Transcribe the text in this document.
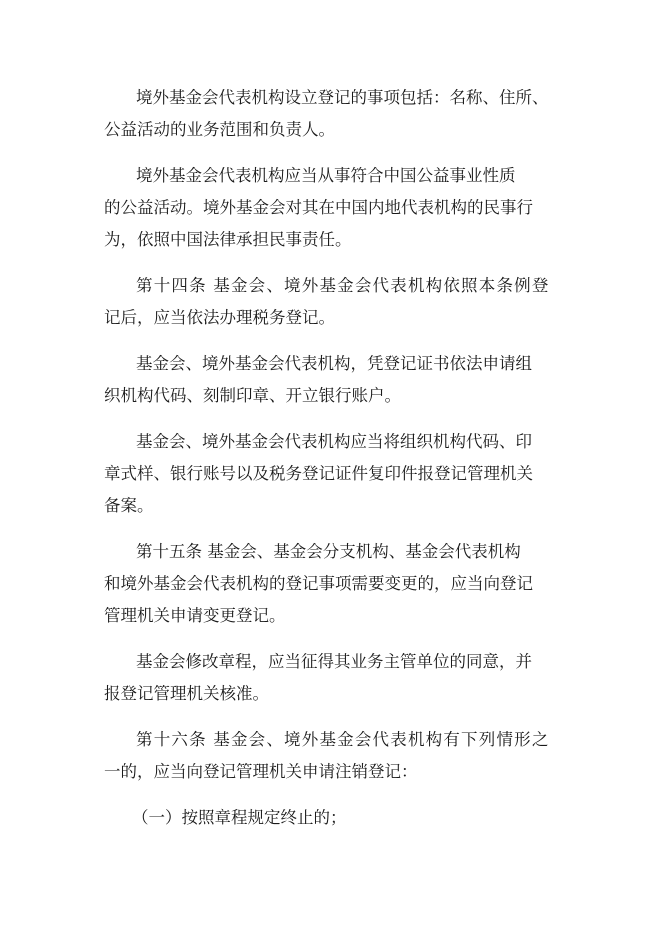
境外基金会代表机构设立登记的事项包括：名称、住所、
公益活动的业务范围和负责人。
境外基金会代表机构应当从事符合中国公益事业性质
的公益活动。境外基金会对其在中国内地代表机构的民事行
为，依照中国法律承担民事责任。
第十四条 基金会、境外基金会代表机构依照本条例登
记后，应当依法办理税务登记。
基金会、境外基金会代表机构，凭登记证书依法申请组
织机构代码、刻制印章、开立银行账户。
基金会、境外基金会代表机构应当将组织机构代码、印
章式样、银行账号以及税务登记证件复印件报登记管理机关
备案。
第十五条 基金会、基金会分支机构、基金会代表机构
和境外基金会代表机构的登记事项需要变更的，应当向登记
管理机关申请变更登记。
基金会修改章程，应当征得其业务主管单位的同意，并
报登记管理机关核准。
第十六条 基金会、境外基金会代表机构有下列情形之
一的，应当向登记管理机关申请注销登记：
（一）按照章程规定终止的；
